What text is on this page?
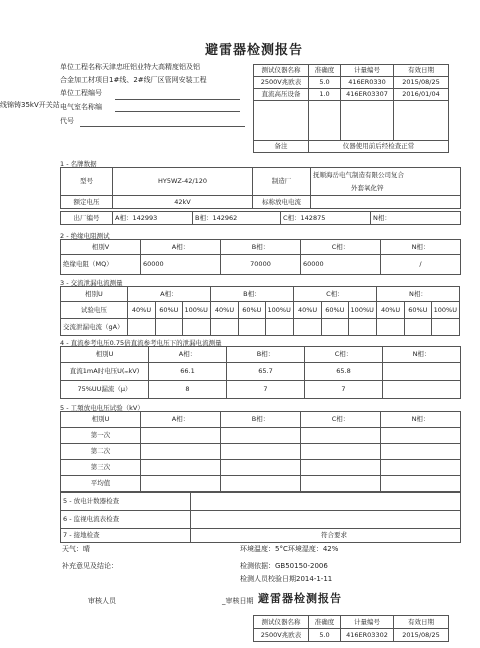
避雷器检测报告
单位工程名称天津忠旺铝业特大高精度铝及铝
合金加工材项目1#线、2#线厂区管网安装工程
单位工程编号
线锦铸35kV开关站 电气室名称编
代号
测试仪器名称	准确度	计量编号	有效日期
2500V兆欧表	5.0	416ER0330	2015/08/25
直流高压设备	1.0	416ER03307	2016/01/04

备注	仪器使用前后经检查正常		
1 - 名牌数据
型号	HY5WZ-42/120	制造厂	抚顺海岳电气制造有限公司复合
外套氧化锌

额定电压	42kV	标称放电电流	
出厂编号	A相：142993	B相：142962	C相：142875	N相：
2 - 绝缘电阻测试
相別V	A相：	B相：	C相：	N相：
绝缘电阻（MQ）	60000	70000	60000	/
3 - 交流泄漏电流测量
相別U	A相：			B相：			C相：			N相：		
试验电压	40%U	60%U	100%U	40%U	60%U	100%U	40%U	60%U	100%U	40%U	60%U	100%U
交流泄漏电流（gA）												
4 - 直流参考电压0.75倍直流参考电压下的泄漏电流测量
相別U	A相：	B相：	C相：	N相：
直流1mA时电压U(ₘkV)	66.1	65.7	65.8	
75%UU漏流（µ）	8	7	7	
5 - 工頻放电电压试验（kV）
相別U	A相：	B相：	C相：	N相：
第一次				
第二次				
第三次				
平均值				
5 - 放电计数器检查	
6 - 监视电流表检查	
7 - 接地检查	符合要求
天气：晴	环境温度：5°C环境湿度：42%
补充意见及结论：	检测依据：GB50150-2006
检测人员校验日期2014-1-11
审核人员	_审核日期 避雷器检测报告
测试仪器名称	准确度	计量编号	有效日期
2500V兆欧表	5.0	416ER03302	2015/08/25
